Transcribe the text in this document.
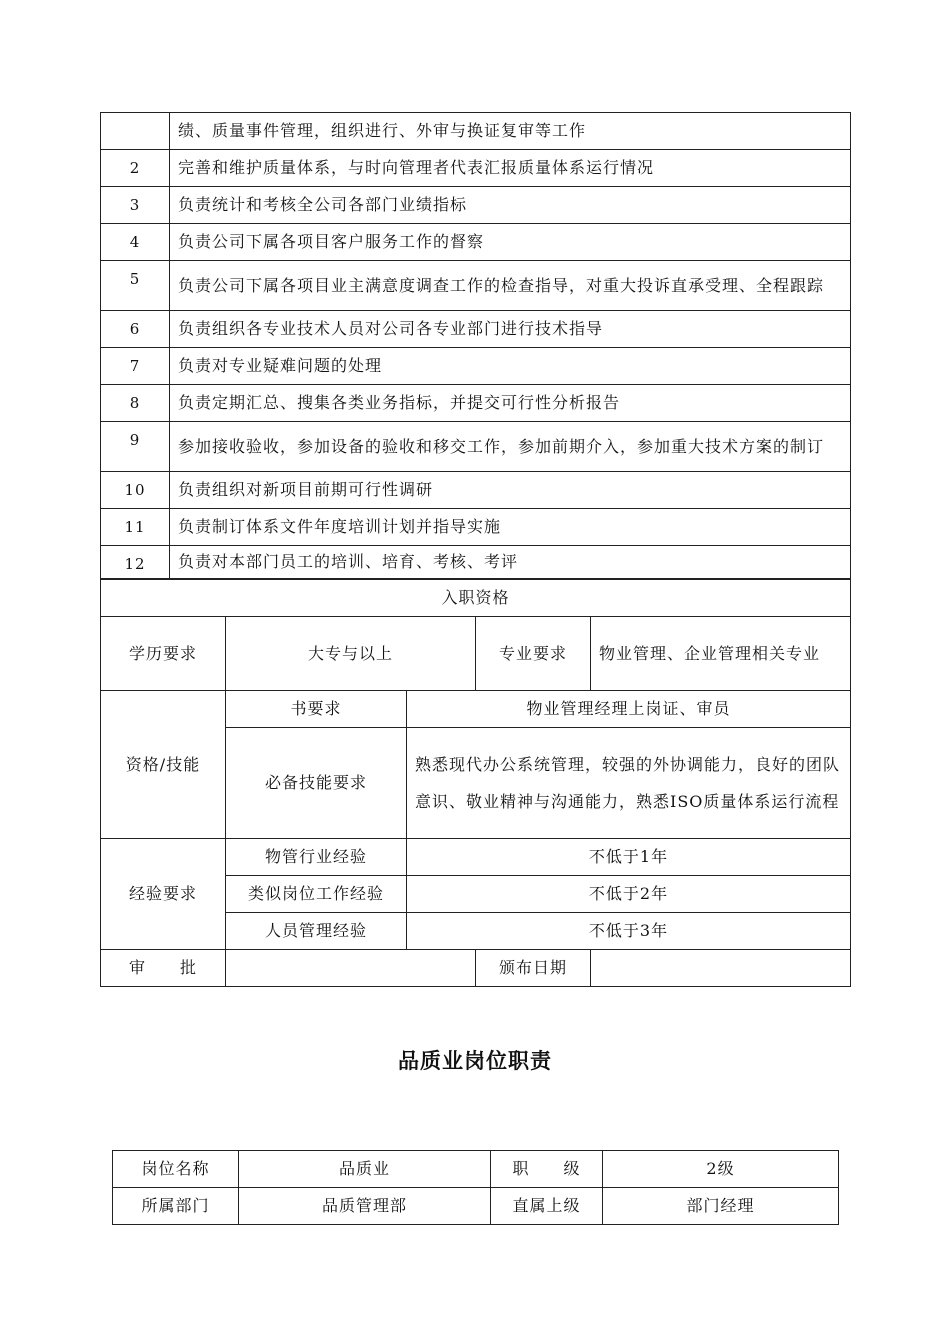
	绩、质量事件管理，组织进行、外审与换证复审等工作
2	完善和维护质量体系，与时向管理者代表汇报质量体系运行情况
3	负责统计和考核全公司各部门业绩指标
4	负责公司下属各项目客户服务工作的督察
5	负责公司下属各项目业主满意度调查工作的检查指导，对重大投诉直承受理、全程跟踪
6	负责组织各专业技术人员对公司各专业部门进行技术指导
7	负责对专业疑难问题的处理
8	负责定期汇总、搜集各类业务指标，并提交可行性分析报告
9	参加接收验收，参加设备的验收和移交工作，参加前期介入，参加重大技术方案的制订
10	负责组织对新项目前期可行性调研
11	负责制订体系文件年度培训计划并指导实施
12	负责对本部门员工的培训、培育、考核、考评
入职资格				
学历要求	大专与以上		专业要求	物业管理、企业管理相关专业
资格/技能	书要求	物业管理经理上岗证、审员		
	必备技能要求	熟悉现代办公系统管理，较强的外协调能力，良好的团队意识、敬业精神与沟通能力，熟悉ISO质量体系运行流程		
经验要求	物管行业经验	不低于1年		
	类似岗位工作经验	不低于2年		
	人员管理经验	不低于3年		
审　　批			颁布日期	
品质业岗位职责
岗位名称	品质业	职　　级	2级
所属部门	品质管理部	直属上级	部门经理
